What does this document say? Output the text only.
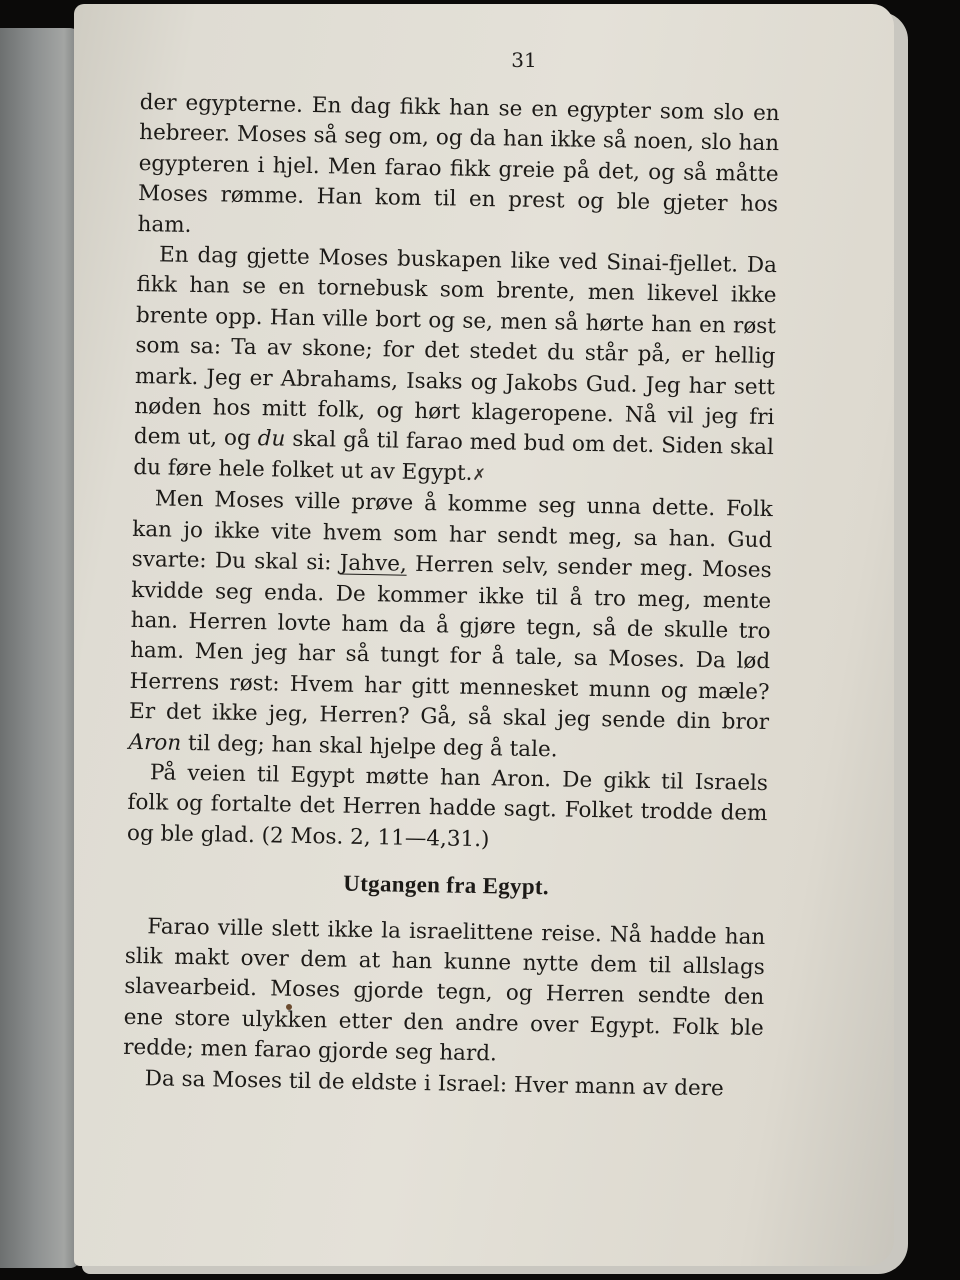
31

der egypterne. En dag fikk han se en egypter som slo en hebreer. Moses så seg om, og da han ikke så noen, slo han egypteren i hjel. Men farao fikk greie på det, og så måtte Moses rømme. Han kom til en prest og ble gjeter hos ham.

En dag gjette Moses buskapen like ved Sinai-fjellet. Da fikk han se en tornebusk som brente, men likevel ikke brente opp. Han ville bort og se, men så hørte han en røst som sa: Ta av skone; for det stedet du står på, er hellig mark. Jeg er Abrahams, Isaks og Jakobs Gud. Jeg har sett nøden hos mitt folk, og hørt klageropene. Nå vil jeg fri dem ut, og du skal gå til farao med bud om det. Siden skal du føre hele folket ut av Egypt.✗

Men Moses ville prøve å komme seg unna dette. Folk kan jo ikke vite hvem som har sendt meg, sa han. Gud svarte: Du skal si: Jahve, Herren selv, sender meg. Moses kvidde seg enda. De kommer ikke til å tro meg, mente han. Herren lovte ham da å gjøre tegn, så de skulle tro ham. Men jeg har så tungt for å tale, sa Moses. Da lød Herrens røst: Hvem har gitt mennesket munn og mæle? Er det ikke jeg, Herren? Gå, så skal jeg sende din bror Aron til deg; han skal hjelpe deg å tale.

På veien til Egypt møtte han Aron. De gikk til Israels folk og fortalte det Herren hadde sagt. Folket trodde dem og ble glad. (2 Mos. 2, 11—4,31.)

Utgangen fra Egypt.

Farao ville slett ikke la israelittene reise. Nå hadde han slik makt over dem at han kunne nytte dem til allslags slavearbeid. Moses gjorde tegn, og Herren sendte den ene store ulykken etter den andre over Egypt. Folk ble redde; men farao gjorde seg hard.

Da sa Moses til de eldste i Israel: Hver mann av dere
